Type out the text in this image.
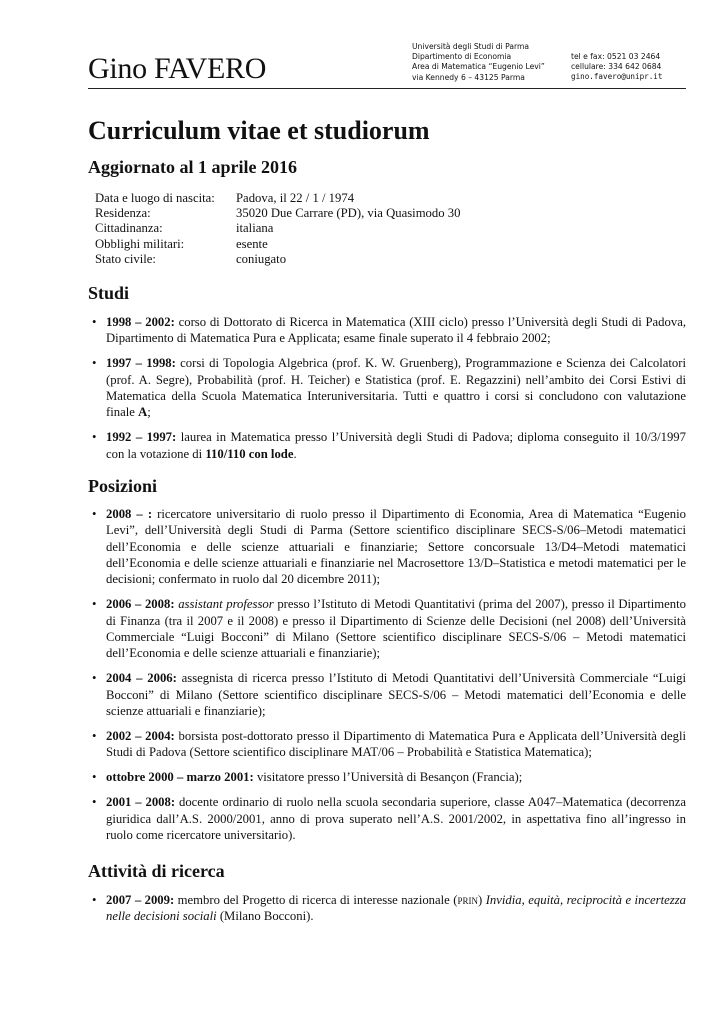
Gino FAVERO
Università degli Studi di Parma
Dipartimento di Economia
Area di Matematica “Eugenio Levi”
via Kennedy 6 – 43125 Parma
tel e fax: 0521 03 2464
cellulare: 334 642 0684
gino.favero@unipr.it
Curriculum vitae et studiorum
Aggiornato al 1 aprile 2016
Data e luogo di nascita:	Padova, il 22 / 1 / 1974
Residenza:	35020 Due Carrare (PD), via Quasimodo 30
Cittadinanza:	italiana
Obblighi militari:	esente
Stato civile:	coniugato
Studi
• 1998 – 2002: corso di Dottorato di Ricerca in Matematica (XIII ciclo) presso l’Università degli Studi di Padova, Dipartimento di Matematica Pura e Applicata; esame finale superato il 4 febbraio 2002;
• 1997 – 1998: corsi di Topologia Algebrica (prof. K. W. Gruenberg), Programmazione e Scienza dei Calcolatori (prof. A. Segre), Probabilità (prof. H. Teicher) e Statistica (prof. E. Regazzini) nell’ambito dei Corsi Estivi di Matematica della Scuola Matematica Interuniversitaria. Tutti e quattro i corsi si concludono con valutazione finale A;
• 1992 – 1997: laurea in Matematica presso l’Università degli Studi di Padova; diploma conseguito il 10/3/1997 con la votazione di 110/110 con lode.
Posizioni
• 2008 – : ricercatore universitario di ruolo presso il Dipartimento di Economia, Area di Matematica “Eugenio Levi”, dell’Università degli Studi di Parma (Settore scientifico disciplinare SECS-S/06–Metodi matematici dell’Economia e delle scienze attuariali e finanziarie; Settore concorsuale 13/D4–Metodi matematici dell’Economia e delle scienze attuariali e finanziarie nel Macrosettore 13/D–Statistica e metodi matematici per le decisioni; confermato in ruolo dal 20 dicembre 2011);
• 2006 – 2008: assistant professor presso l’Istituto di Metodi Quantitativi (prima del 2007), presso il Dipartimento di Finanza (tra il 2007 e il 2008) e presso il Dipartimento di Scienze delle Decisioni (nel 2008) dell’Università Commerciale “Luigi Bocconi” di Milano (Settore scientifico disciplinare SECS-S/06 – Metodi matematici dell’Economia e delle scienze attuariali e finanziarie);
• 2004 – 2006: assegnista di ricerca presso l’Istituto di Metodi Quantitativi dell’Università Commerciale “Luigi Bocconi” di Milano (Settore scientifico disciplinare SECS-S/06 – Metodi matematici dell’Economia e delle scienze attuariali e finanziarie);
• 2002 – 2004: borsista post-dottorato presso il Dipartimento di Matematica Pura e Applicata dell’Università degli Studi di Padova (Settore scientifico disciplinare MAT/06 – Probabilità e Statistica Matematica);
• ottobre 2000 – marzo 2001: visitatore presso l’Università di Besançon (Francia);
• 2001 – 2008: docente ordinario di ruolo nella scuola secondaria superiore, classe A047–Matematica (decorrenza giuridica dall’A.S. 2000/2001, anno di prova superato nell’A.S. 2001/2002, in aspettativa fino all’ingresso in ruolo come ricercatore universitario).
Attività di ricerca
• 2007 – 2009: membro del Progetto di ricerca di interesse nazionale (prin) Invidia, equità, reciprocità e incertezza nelle decisioni sociali (Milano Bocconi).
